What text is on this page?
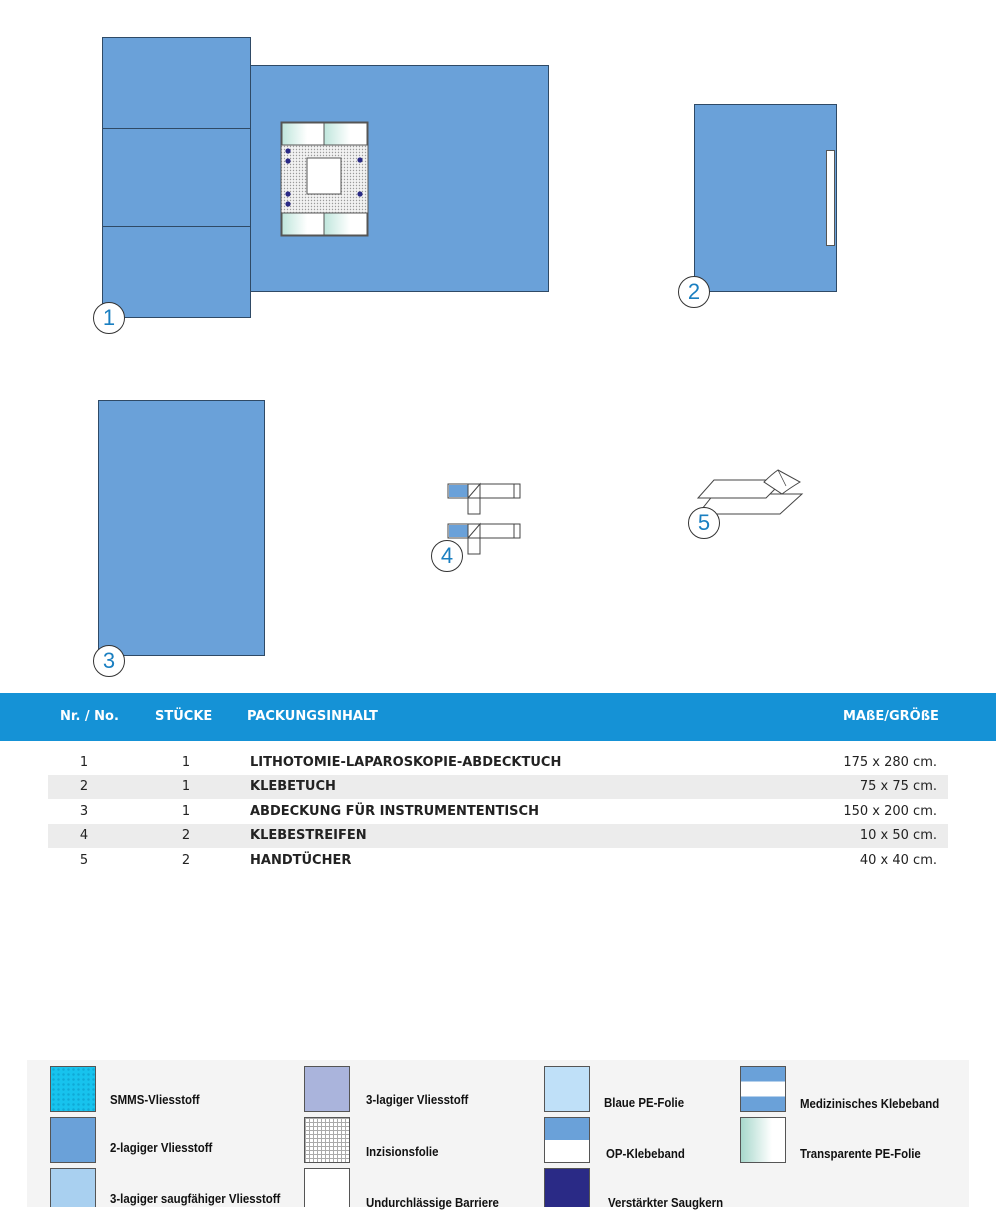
1
2
3
4
5
Nr. / No.	STÜCKE	PACKUNGSINHALT	MAßE/GRÖßE
1	1	LITHOTOMIE-LAPAROSKOPIE-ABDECKTUCH	175 x 280 cm.
2	1	KLEBETUCH	75 x 75 cm.
3	1	ABDECKUNG FÜR INSTRUMENTENTISCH	150 x 200 cm.
4	2	KLEBESTREIFEN	10 x 50 cm.
5	2	HANDTÜCHER	40 x 40 cm.
SMMS-Vliesstoff
2-lagiger Vliesstoff
3-lagiger saugfähiger Vliesstoff
3-lagiger Vliesstoff
Inzisionsfolie
Undurchlässige Barriere
Blaue PE-Folie
OP-Klebeband
Verstärkter Saugkern
Medizinisches Klebeband
Transparente PE-Folie
